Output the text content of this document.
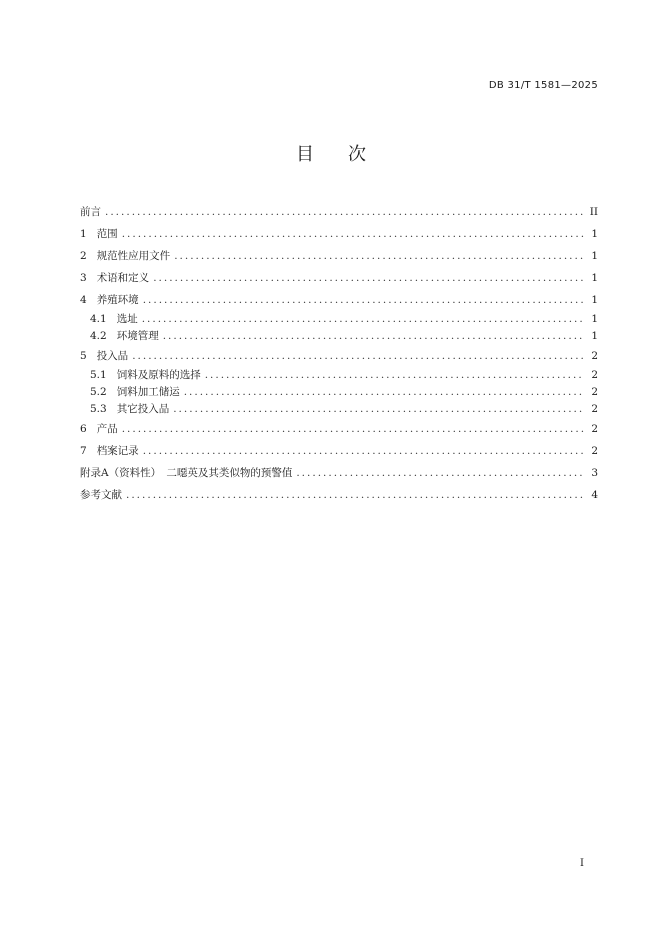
DB 31/T 1581—2025
目 次
前言 .....	II
1 范围 .....	1
2 规范性应用文件 .....	1
3 术语和定义 .....	1
4 养殖环境 .....	1
4.1 选址 .....	1
4.2 环境管理 .....	1
5 投入品 .....	2
5.1 饲料及原料的选择 .....	2
5.2 饲料加工储运 .....	2
5.3 其它投入品 .....	2
6 产品 .....	2
7 档案记录 .....	2
附录A（资料性）　二噁英及其类似物的预警值 .....	3
参考文献 .....	4
I
